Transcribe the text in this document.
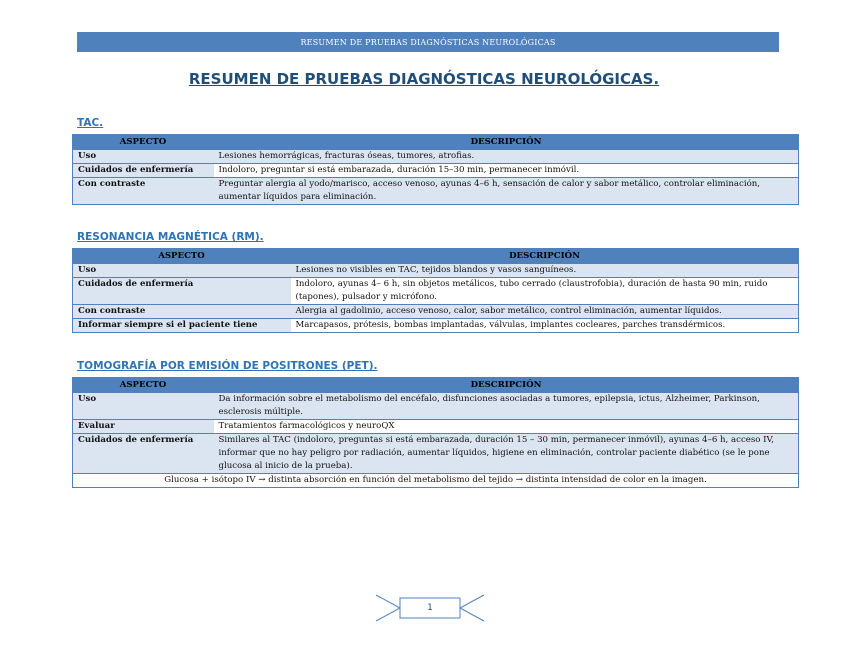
RESUMEN DE PRUEBAS DIAGNÓSTICAS NEUROLÓGICAS
RESUMEN DE PRUEBAS DIAGNÓSTICAS NEUROLÓGICAS.
TAC.
ASPECTO	DESCRIPCIÓN
Uso	Lesiones hemorrágicas, fracturas óseas, tumores, atrofias.
Cuidados de enfermería	Indoloro, preguntar si está embarazada, duración 15–30 min, permanecer inmóvil.
Con contraste	Preguntar alergia al yodo/marisco, acceso venoso, ayunas 4–6 h, sensación de calor y sabor metálico, controlar eliminación, aumentar líquidos para eliminación.
RESONANCIA MAGNÉTICA (RM).
ASPECTO	DESCRIPCIÓN
Uso	Lesiones no visibles en TAC, tejidos blandos y vasos sanguíneos.
Cuidados de enfermería	Indoloro, ayunas 4– 6 h, sin objetos metálicos, tubo cerrado (claustrofobia), duración de hasta 90 min, ruido (tapones), pulsador y micrófono.
Con contraste	Alergia al gadolinio, acceso venoso, calor, sabor metálico, control eliminación, aumentar líquidos.
Informar siempre si el paciente tiene	Marcapasos, prótesis, bombas implantadas, válvulas, implantes cocleares, parches transdérmicos.
TOMOGRAFÍA POR EMISIÓN DE POSITRONES (PET).
ASPECTO	DESCRIPCIÓN
Uso	Da información sobre el metabolismo del encéfalo, disfunciones asociadas a tumores, epilepsia, ictus, Alzheimer, Parkinson, esclerosis múltiple.
Evaluar	Tratamientos farmacológicos y neuroQX
Cuidados de enfermería	Similares al TAC (indoloro, preguntas si está embarazada, duración 15 – 30 min, permanecer inmóvil), ayunas 4–6 h, acceso IV, informar que no hay peligro por radiación, aumentar líquidos, higiene en eliminación, controlar paciente diabético (se le pone glucosa al inicio de la prueba).
Glucosa + isótopo IV → distinta absorción en función del metabolismo del tejido → distinta intensidad de color en la imagen.	
1
